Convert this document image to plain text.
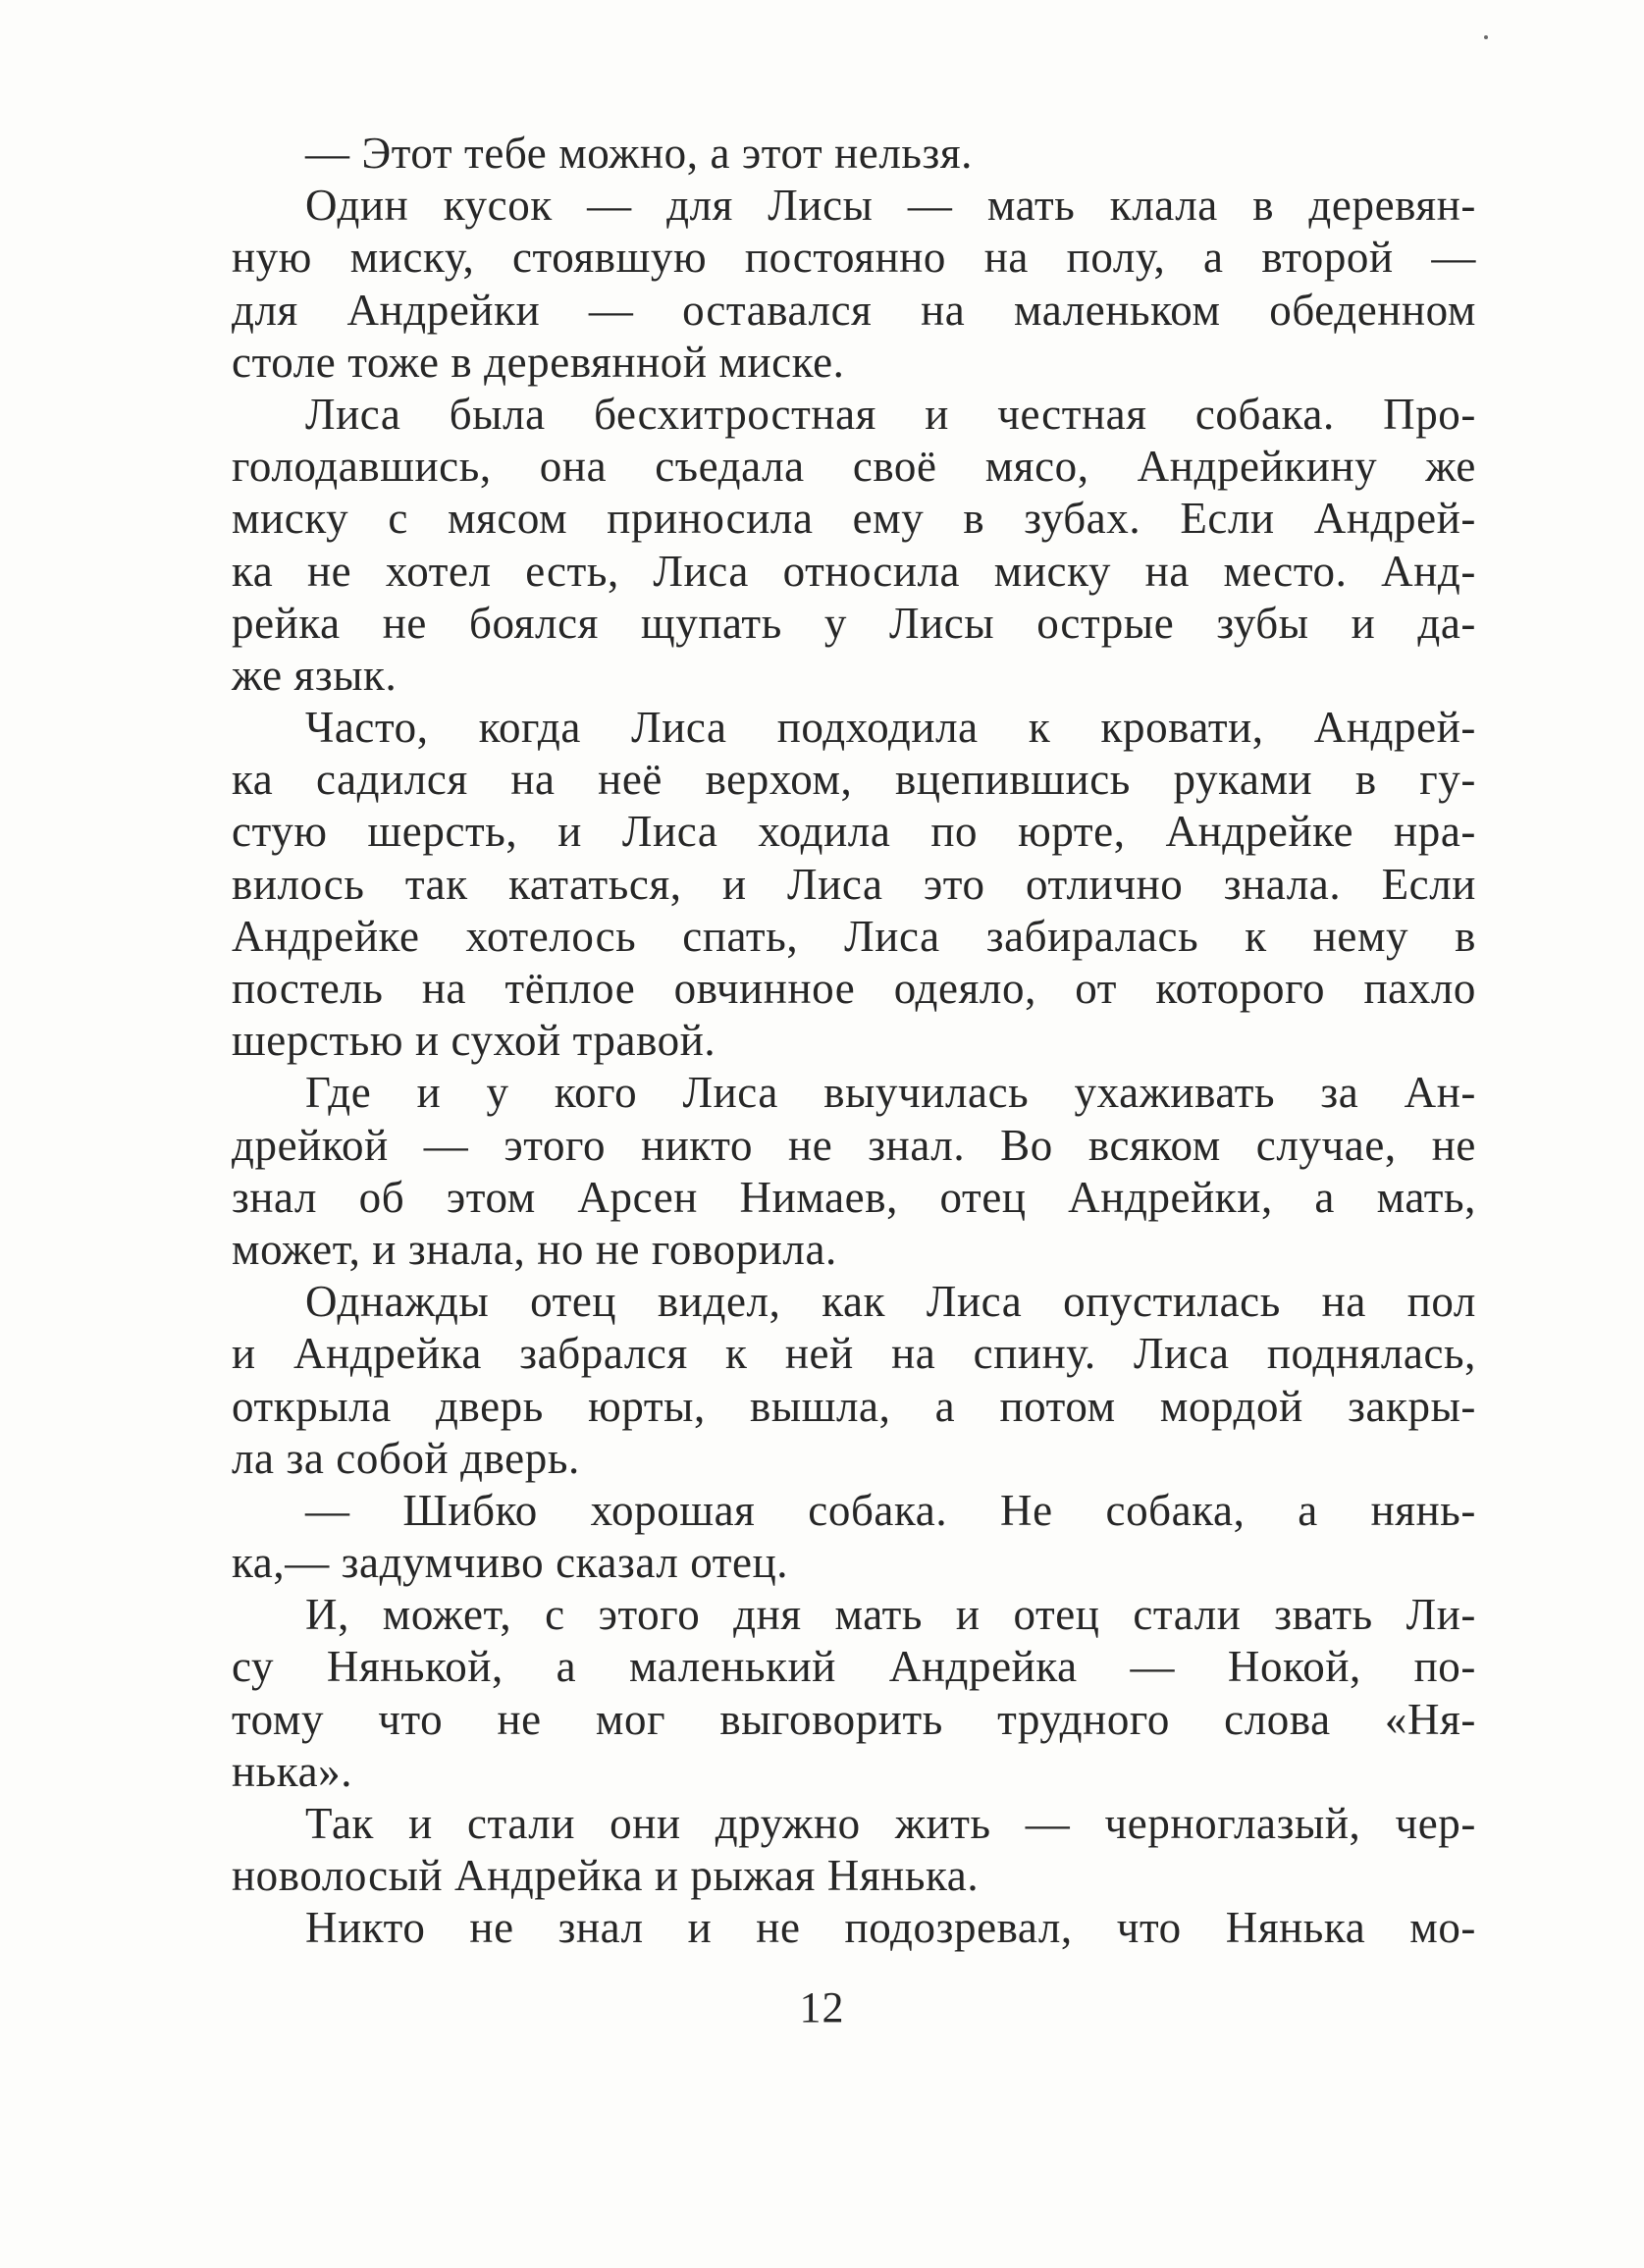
— Этот тебе можно, а этот нельзя.
Один кусок — для Лисы — мать клала в деревян-
ную миску, стоявшую постоянно на полу, а второй —
для Андрейки — оставался на маленьком обеденном
столе тоже в деревянной миске.
Лиса была бесхитростная и честная собака. Про-
голодавшись, она съедала своё мясо, Андрейкину же
миску с мясом приносила ему в зубах. Если Андрей-
ка не хотел есть, Лиса относила миску на место. Анд-
рейка не боялся щупать у Лисы острые зубы и да-
же язык.
Часто, когда Лиса подходила к кровати, Андрей-
ка садился на неё верхом, вцепившись руками в гу-
стую шерсть, и Лиса ходила по юрте, Андрейке нра-
вилось так кататься, и Лиса это отлично знала. Если
Андрейке хотелось спать, Лиса забиралась к нему в
постель на тёплое овчинное одеяло, от которого пахло
шерстью и сухой травой.
Где и у кого Лиса выучилась ухаживать за Ан-
дрейкой — этого никто не знал. Во всяком случае, не
знал об этом Арсен Нимаев, отец Андрейки, а мать,
может, и знала, но не говорила.
Однажды отец видел, как Лиса опустилась на пол
и Андрейка забрался к ней на спину. Лиса поднялась,
открыла дверь юрты, вышла, а потом мордой закры-
ла за собой дверь.
— Шибко хорошая собака. Не собака, а нянь-
ка,— задумчиво сказал отец.
И, может, с этого дня мать и отец стали звать Ли-
су Нянькой, а маленький Андрейка — Нокой, по-
тому что не мог выговорить трудного слова «Ня-
нька».
Так и стали они дружно жить — черноглазый, чер-
новолосый Андрейка и рыжая Нянька.
Никто не знал и не подозревал, что Нянька мо-
12
